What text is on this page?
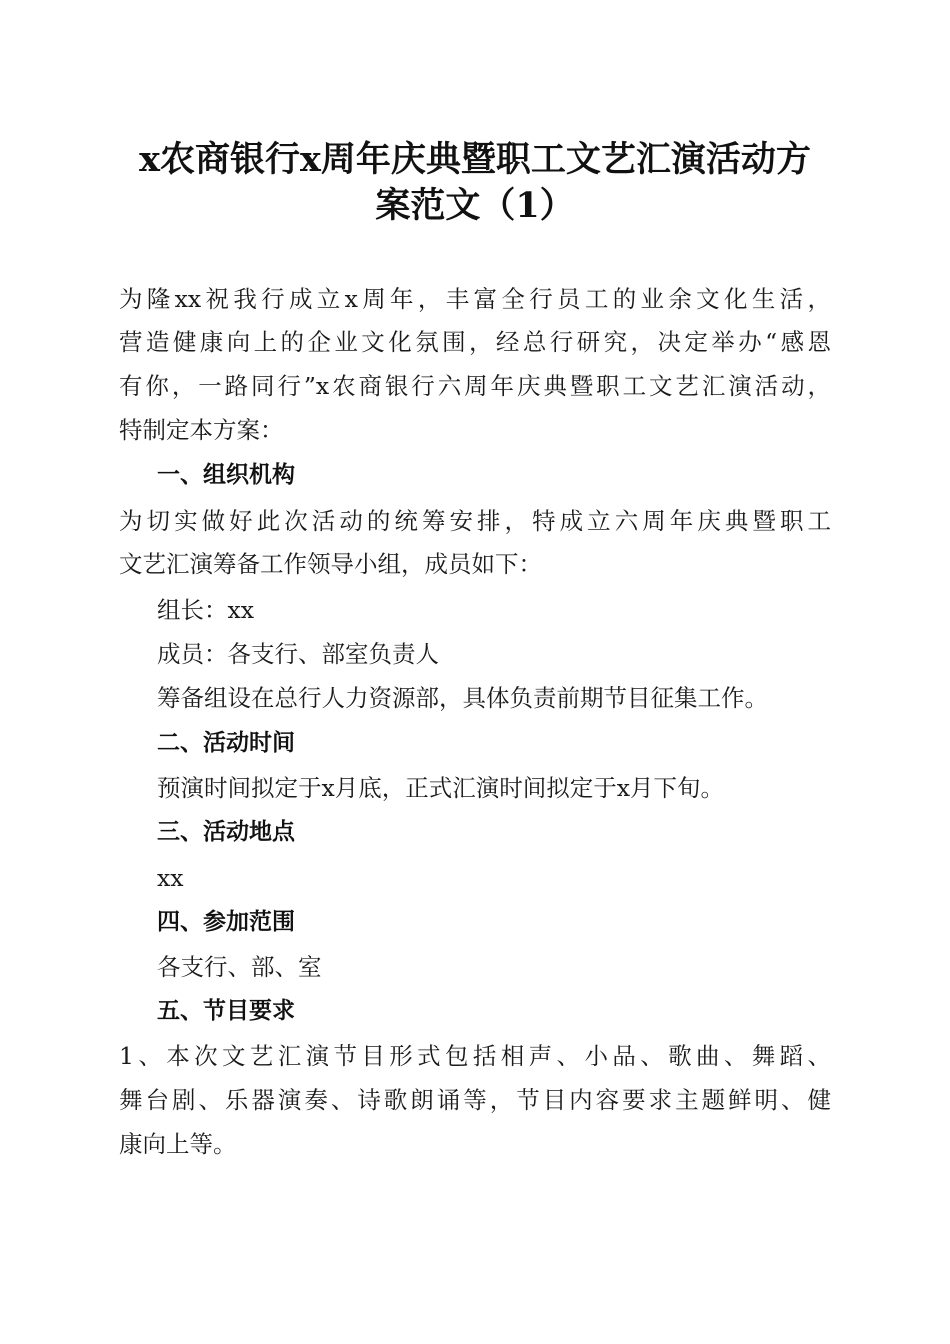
x农商银行x周年庆典暨职工文艺汇演活动方
案范文（1）
为隆xx祝我行成立x周年，丰富全行员工的业余文化生活，
营造健康向上的企业文化氛围，经总行研究，决定举办“感恩
有你，一路同行”x农商银行六周年庆典暨职工文艺汇演活动，
特制定本方案：
一、组织机构
为切实做好此次活动的统筹安排，特成立六周年庆典暨职工
文艺汇演筹备工作领导小组，成员如下：
组长：xx
成员：各支行、部室负责人
筹备组设在总行人力资源部，具体负责前期节目征集工作。
二、活动时间
预演时间拟定于x月底，正式汇演时间拟定于x月下旬。
三、活动地点
xx
四、参加范围
各支行、部、室
五、节目要求
1、本次文艺汇演节目形式包括相声、小品、歌曲、舞蹈、
舞台剧、乐器演奏、诗歌朗诵等，节目内容要求主题鲜明、健
康向上等。
